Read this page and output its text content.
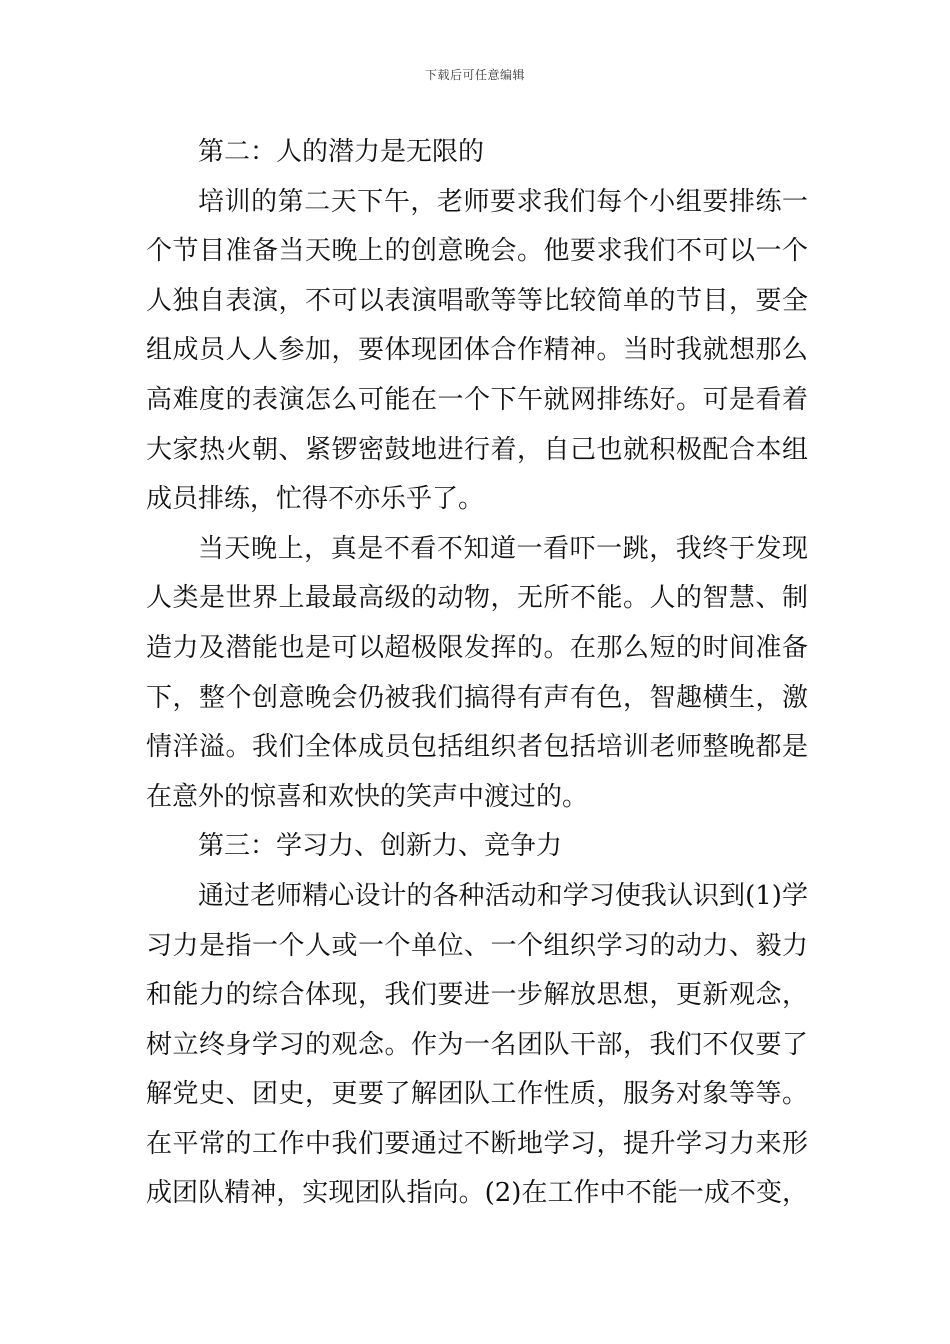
下载后可任意编辑
第二：人的潜力是无限的
培训的第二天下午，老师要求我们每个小组要排练一
个节目准备当天晚上的创意晚会。他要求我们不可以一个
人独自表演，不可以表演唱歌等等比较简单的节目，要全
组成员人人参加，要体现团体合作精神。当时我就想那么
高难度的表演怎么可能在一个下午就网排练好。可是看着
大家热火朝、紧锣密鼓地进行着，自己也就积极配合本组
成员排练，忙得不亦乐乎了。
当天晚上，真是不看不知道一看吓一跳，我终于发现
人类是世界上最最高级的动物，无所不能。人的智慧、制
造力及潜能也是可以超极限发挥的。在那么短的时间准备
下，整个创意晚会仍被我们搞得有声有色，智趣横生，激
情洋溢。我们全体成员包括组织者包括培训老师整晚都是
在意外的惊喜和欢快的笑声中渡过的。
第三：学习力、创新力、竞争力
通过老师精心设计的各种活动和学习使我认识到(1)学
习力是指一个人或一个单位、一个组织学习的动力、毅力
和能力的综合体现，我们要进一步解放思想，更新观念，
树立终身学习的观念。作为一名团队干部，我们不仅要了
解党史、团史，更要了解团队工作性质，服务对象等等。
在平常的工作中我们要通过不断地学习，提升学习力来形
成团队精神，实现团队指向。(2)在工作中不能一成不变，
